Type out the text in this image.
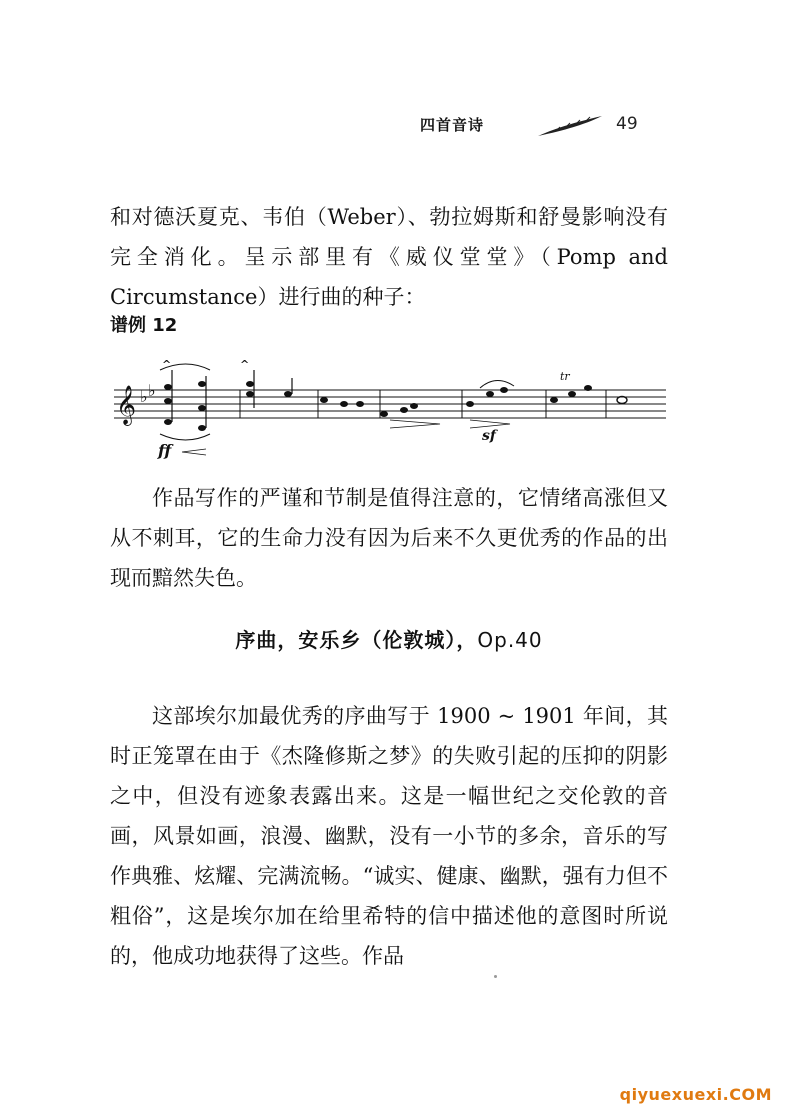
四首音诗	49

和对德沃夏克、韦伯（Weber）、勃拉姆斯和舒曼影响没有完全消化。呈示部里有《威仪堂堂》（Pomp and Circumstance）进行曲的种子：

谱例 12
𝄞 ♭ ♭
^	^
ff
sf
tr

作品写作的严谨和节制是值得注意的，它情绪高涨但又从不刺耳，它的生命力没有因为后来不久更优秀的作品的出现而黯然失色。

序曲，安乐乡（伦敦城），Op.40

这部埃尔加最优秀的序曲写于 1900 ~ 1901 年间，其时正笼罩在由于《杰隆修斯之梦》的失败引起的压抑的阴影之中，但没有迹象表露出来。这是一幅世纪之交伦敦的音画，风景如画，浪漫、幽默，没有一小节的多余，音乐的写作典雅、炫耀、完满流畅。“诚实、健康、幽默，强有力但不粗俗”，这是埃尔加在给里希特的信中描述他的意图时所说的，他成功地获得了这些。作品

qiyuexuexi.COM
